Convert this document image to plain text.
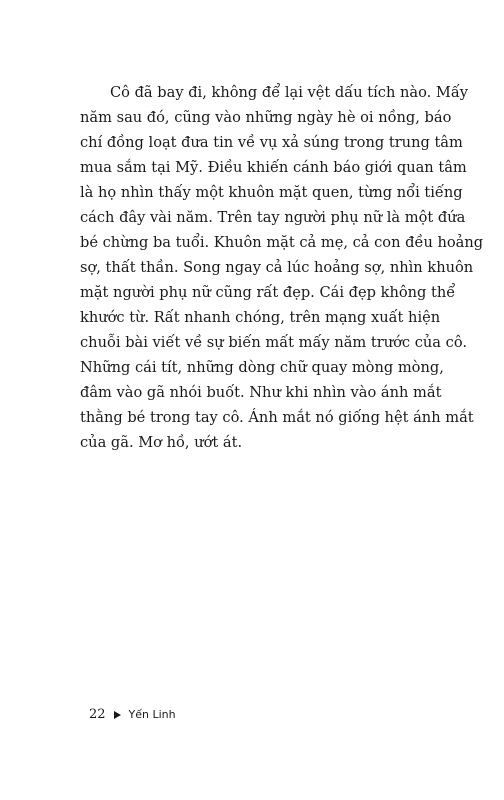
Cô đã bay đi, không để lại vệt dấu tích nào. Mấy
năm sau đó, cũng vào những ngày hè oi nồng, báo
chí đồng loạt đưa tin về vụ xả súng trong trung tâm
mua sắm tại Mỹ. Điều khiến cánh báo giới quan tâm
là họ nhìn thấy một khuôn mặt quen, từng nổi tiếng
cách đây vài năm. Trên tay người phụ nữ là một đứa
bé chừng ba tuổi. Khuôn mặt cả mẹ, cả con đều hoảng
sợ, thất thần. Song ngay cả lúc hoảng sợ, nhìn khuôn
mặt người phụ nữ cũng rất đẹp. Cái đẹp không thể
khước từ. Rất nhanh chóng, trên mạng xuất hiện
chuỗi bài viết về sự biến mất mấy năm trước của cô.
Những cái tít, những dòng chữ quay mòng mòng,
đâm vào gã nhói buốt. Như khi nhìn vào ánh mắt
thằng bé trong tay cô. Ánh mắt nó giống hệt ánh mắt
của gã. Mơ hồ, ướt át.
22 Yến Linh
